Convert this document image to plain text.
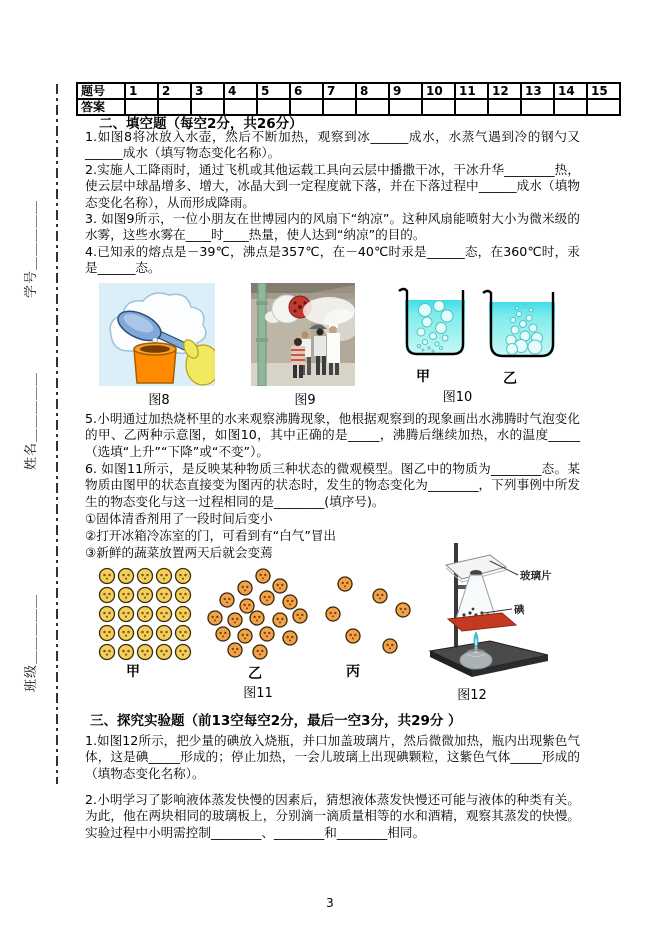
学号＿＿＿＿＿
姓名＿＿＿＿＿
班级＿＿＿＿＿
题号	1	2	3	4	5	6	7	8	9	10	11	12	13	14	15
答案															
二、填空题（每空2分，共26分）

1.如图8将冰放入水壶，然后不断加热，观察到冰______成水，水蒸气遇到冷的钢勺又______成水（填写物态变化名称）。

2.实施人工降雨时，通过飞机或其他运载工具向云层中播撒干冰，干冰升华________热，使云层中球晶增多、增大，冰晶大到一定程度就下落，并在下落过程中______成水（填物态变化名称），从而形成降雨。

3. 如图9所示，一位小朋友在世博园内的风扇下“纳凉”。这种风扇能喷射大小为微米级的水雾，这些水雾在____时____热量，使人达到“纳凉”的目的。

4.已知汞的熔点是－39℃，沸点是357℃，在－40℃时汞是______态，在360℃时，汞是______态。

图8	图9
甲	乙
图10

5.小明通过加热烧杯里的水来观察沸腾现象，他根据观察到的现象画出水沸腾时气泡变化的甲、乙两种示意图，如图10，其中正确的是_____，沸腾后继续加热，水的温度_____（选填“上升”“下降”或“不变”）。

6. 如图11所示，是反映某种物质三种状态的微观模型。图乙中的物质为________态。某物质由图甲的状态直接变为图丙的状态时，发生的物态变化为________，下列事例中所发生的物态变化与这一过程相同的是________(填序号)。

①固体清香剂用了一段时间后变小

②打开冰箱冷冻室的门，可看到有“白气”冒出

③新鲜的蔬菜放置两天后就会变蔫

甲	乙	丙
图11
玻璃片
碘
图12
三、探究实验题（前13空每空2分，最后一空3分，共29分 ）

1.如图12所示，把少量的碘放入烧瓶，并口加盖玻璃片，然后微微加热，瓶内出现紫色气体，这是碘_____形成的；停止加热，一会儿玻璃上出现碘颗粒，这紫色气体_____形成的（填物态变化名称）。

2.小明学习了影响液体蒸发快慢的因素后，猜想液体蒸发快慢还可能与液体的种类有关。为此，他在两块相同的玻璃板上，分别滴一滴质量相等的水和酒精，观察其蒸发的快慢。实验过程中小明需控制________、________和________相同。

3
